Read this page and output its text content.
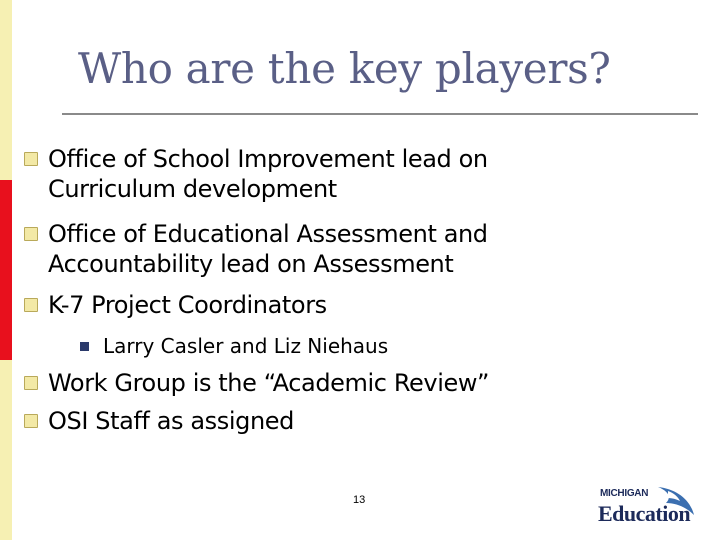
Who are the key players?
Office of School Improvement lead on
Curriculum development
Office of Educational Assessment and
Accountability lead on Assessment
K-7 Project Coordinators
Larry Casler and Liz Niehaus
Work Group is the “Academic Review”
OSI Staff as assigned
13
MICHIGAN
Education
